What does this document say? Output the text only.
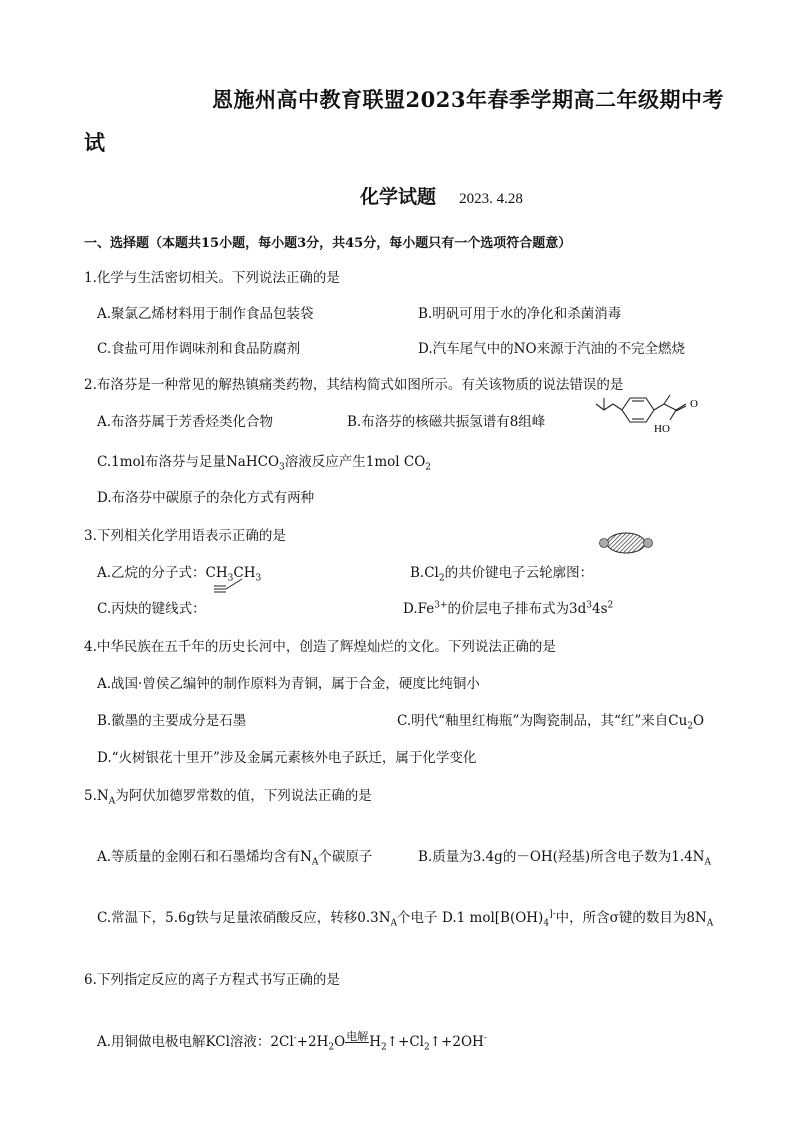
恩施州高中教育联盟2023年春季学期高二年级期中考
试
化学试题 2023. 4.28
一、选择题（本题共15小题，每小题3分，共45分，每小题只有一个选项符合题意）
1.化学与生活密切相关。下列说法正确的是
A.聚氯乙烯材料用于制作食品包装袋	B.明矾可用于水的净化和杀菌消毒
C.食盐可用作调味剂和食品防腐剂	D.汽车尾气中的NO来源于汽油的不完全燃烧
2.布洛芬是一种常见的解热镇痛类药物，其结构简式如图所示。有关该物质的说法错误的是
A.布洛芬属于芳香烃类化合物	B.布洛芬的核磁共振氢谱有8组峰
O
HO
C.1mol布洛芬与足量NaHCO$_3$溶液反应产生1mol $CO_2$
D.布洛芬中碳原子的杂化方式有两种
3.下列相关化学用语表示正确的是
A.乙烷的分子式：$CH_3CH_3$	$B.Cl_2$的共价键电子云轮廓图：
C.丙炔的键线式：	$D.Fe^{3+}$的价层电子排布式为$3d^34s^2$
4.中华民族在五千年的历史长河中，创造了辉煌灿烂的文化。下列说法正确的是
A.战国·曾侯乙编钟的制作原料为青铜，属于合金，硬度比纯铜小
B.徽墨的主要成分是石墨	C.明代“釉里红梅瓶”为陶瓷制品，其“红”来自$Cu_2O$
D.“火树银花十里开”涉及金属元素核外电子跃迁，属于化学变化
$5.N_A$为阿伏加德罗常数的值，下列说法正确的是
A.等质量的金刚石和石墨烯均含有$N_A$个碳原子	B.质量为3.4g的－OH(羟基)所含电子数为$1.4N_A$
C.常温下，5.6g铁与足量浓硝酸反应，转移$0.3N_A$个电子 D.1 $mol[B(OH)_4^{]-}$中，所含σ键的数目为$8N_A$
6.下列指定反应的离子方程式书写正确的是
A.用铜做电极电解KCl溶液：$2Cl^-+2H_2O$电解$H_2↑+Cl_2↑+2OH^-$
